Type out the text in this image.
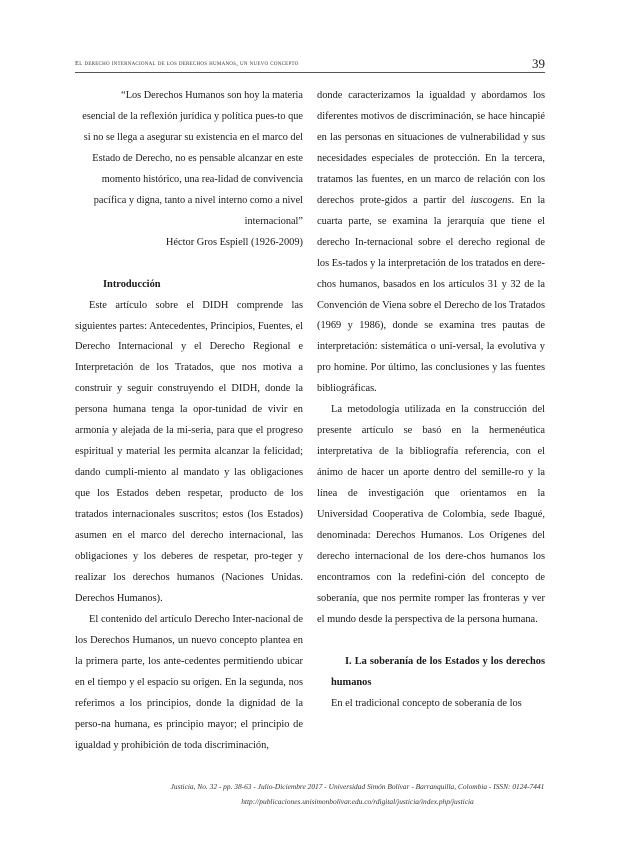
El derecho internacional de los derechos humanos, un nuevo concepto	39

“Los Derechos Humanos son hoy la materia esencial de la reflexión jurídica y política pues-to que si no se llega a asegurar su existencia en el marco del Estado de Derecho, no es pensable alcanzar en este momento histórico, una rea-lidad de convivencia pacífica y digna, tanto a nivel interno como a nivel internacional”

Héctor Gros Espiell (1926-2009)

Introducción

Este artículo sobre el DIDH comprende las siguientes partes: Antecedentes, Principios, Fuentes, el Derecho Internacional y el Derecho Regional e Interpretación de los Tratados, que nos motiva a construir y seguir construyendo el DIDH, donde la persona humana tenga la opor-tunidad de vivir en armonía y alejada de la mi-seria, para que el progreso espiritual y material les permita alcanzar la felicidad; dando cumpli-miento al mandato y las obligaciones que los Estados deben respetar, producto de los tratados internacionales suscritos; estos (los Estados) asumen en el marco del derecho internacional, las obligaciones y los deberes de respetar, pro-teger y realizar los derechos humanos (Naciones Unidas. Derechos Humanos).

El contenido del artículo Derecho Inter-nacional de los Derechos Humanos, un nuevo concepto plantea en la primera parte, los ante-cedentes permitiendo ubicar en el tiempo y el espacio su origen. En la segunda, nos referimos a los principios, donde la dignidad de la perso-na humana, es principio mayor; el principio de igualdad y prohibición de toda discriminación,

donde caracterizamos la igualdad y abordamos los diferentes motivos de discriminación, se hace hincapié en las personas en situaciones de vulnerabilidad y sus necesidades especiales de protección. En la tercera, tratamos las fuentes, en un marco de relación con los derechos prote-gidos a partir del iuscogens. En la cuarta parte, se examina la jerarquía que tiene el derecho In-ternacional sobre el derecho regional de los Es-tados y la interpretación de los tratados en dere-chos humanos, basados en los artículos 31 y 32 de la Convención de Viena sobre el Derecho de los Tratados (1969 y 1986), donde se examina tres pautas de interpretación: sistemática o uni-versal, la evolutiva y pro homine. Por último, las conclusiones y las fuentes bibliográficas.

La metodología utilizada en la construcción del presente artículo se basó en la hermenéutica interpretativa de la bibliografía referencia, con el ánimo de hacer un aporte dentro del semille-ro y la línea de investigación que orientamos en la Universidad Cooperativa de Colombia, sede Ibagué, denominada: Derechos Humanos. Los Orígenes del derecho internacional de los dere-chos humanos los encontramos con la redefini-ción del concepto de soberanía, que nos permite romper las fronteras y ver el mundo desde la perspectiva de la persona humana.

I. La soberanía de los Estados y los derechos humanos

En el tradicional concepto de soberanía de los

Justicia, No. 32 - pp. 38-63 - Julio-Diciembre 2017 - Universidad Simón Bolívar - Barranquilla, Colombia - ISSN: 0124-7441
http://publicaciones.unisimonbolivar.edu.co/rdigital/justicia/index.php/justicia
